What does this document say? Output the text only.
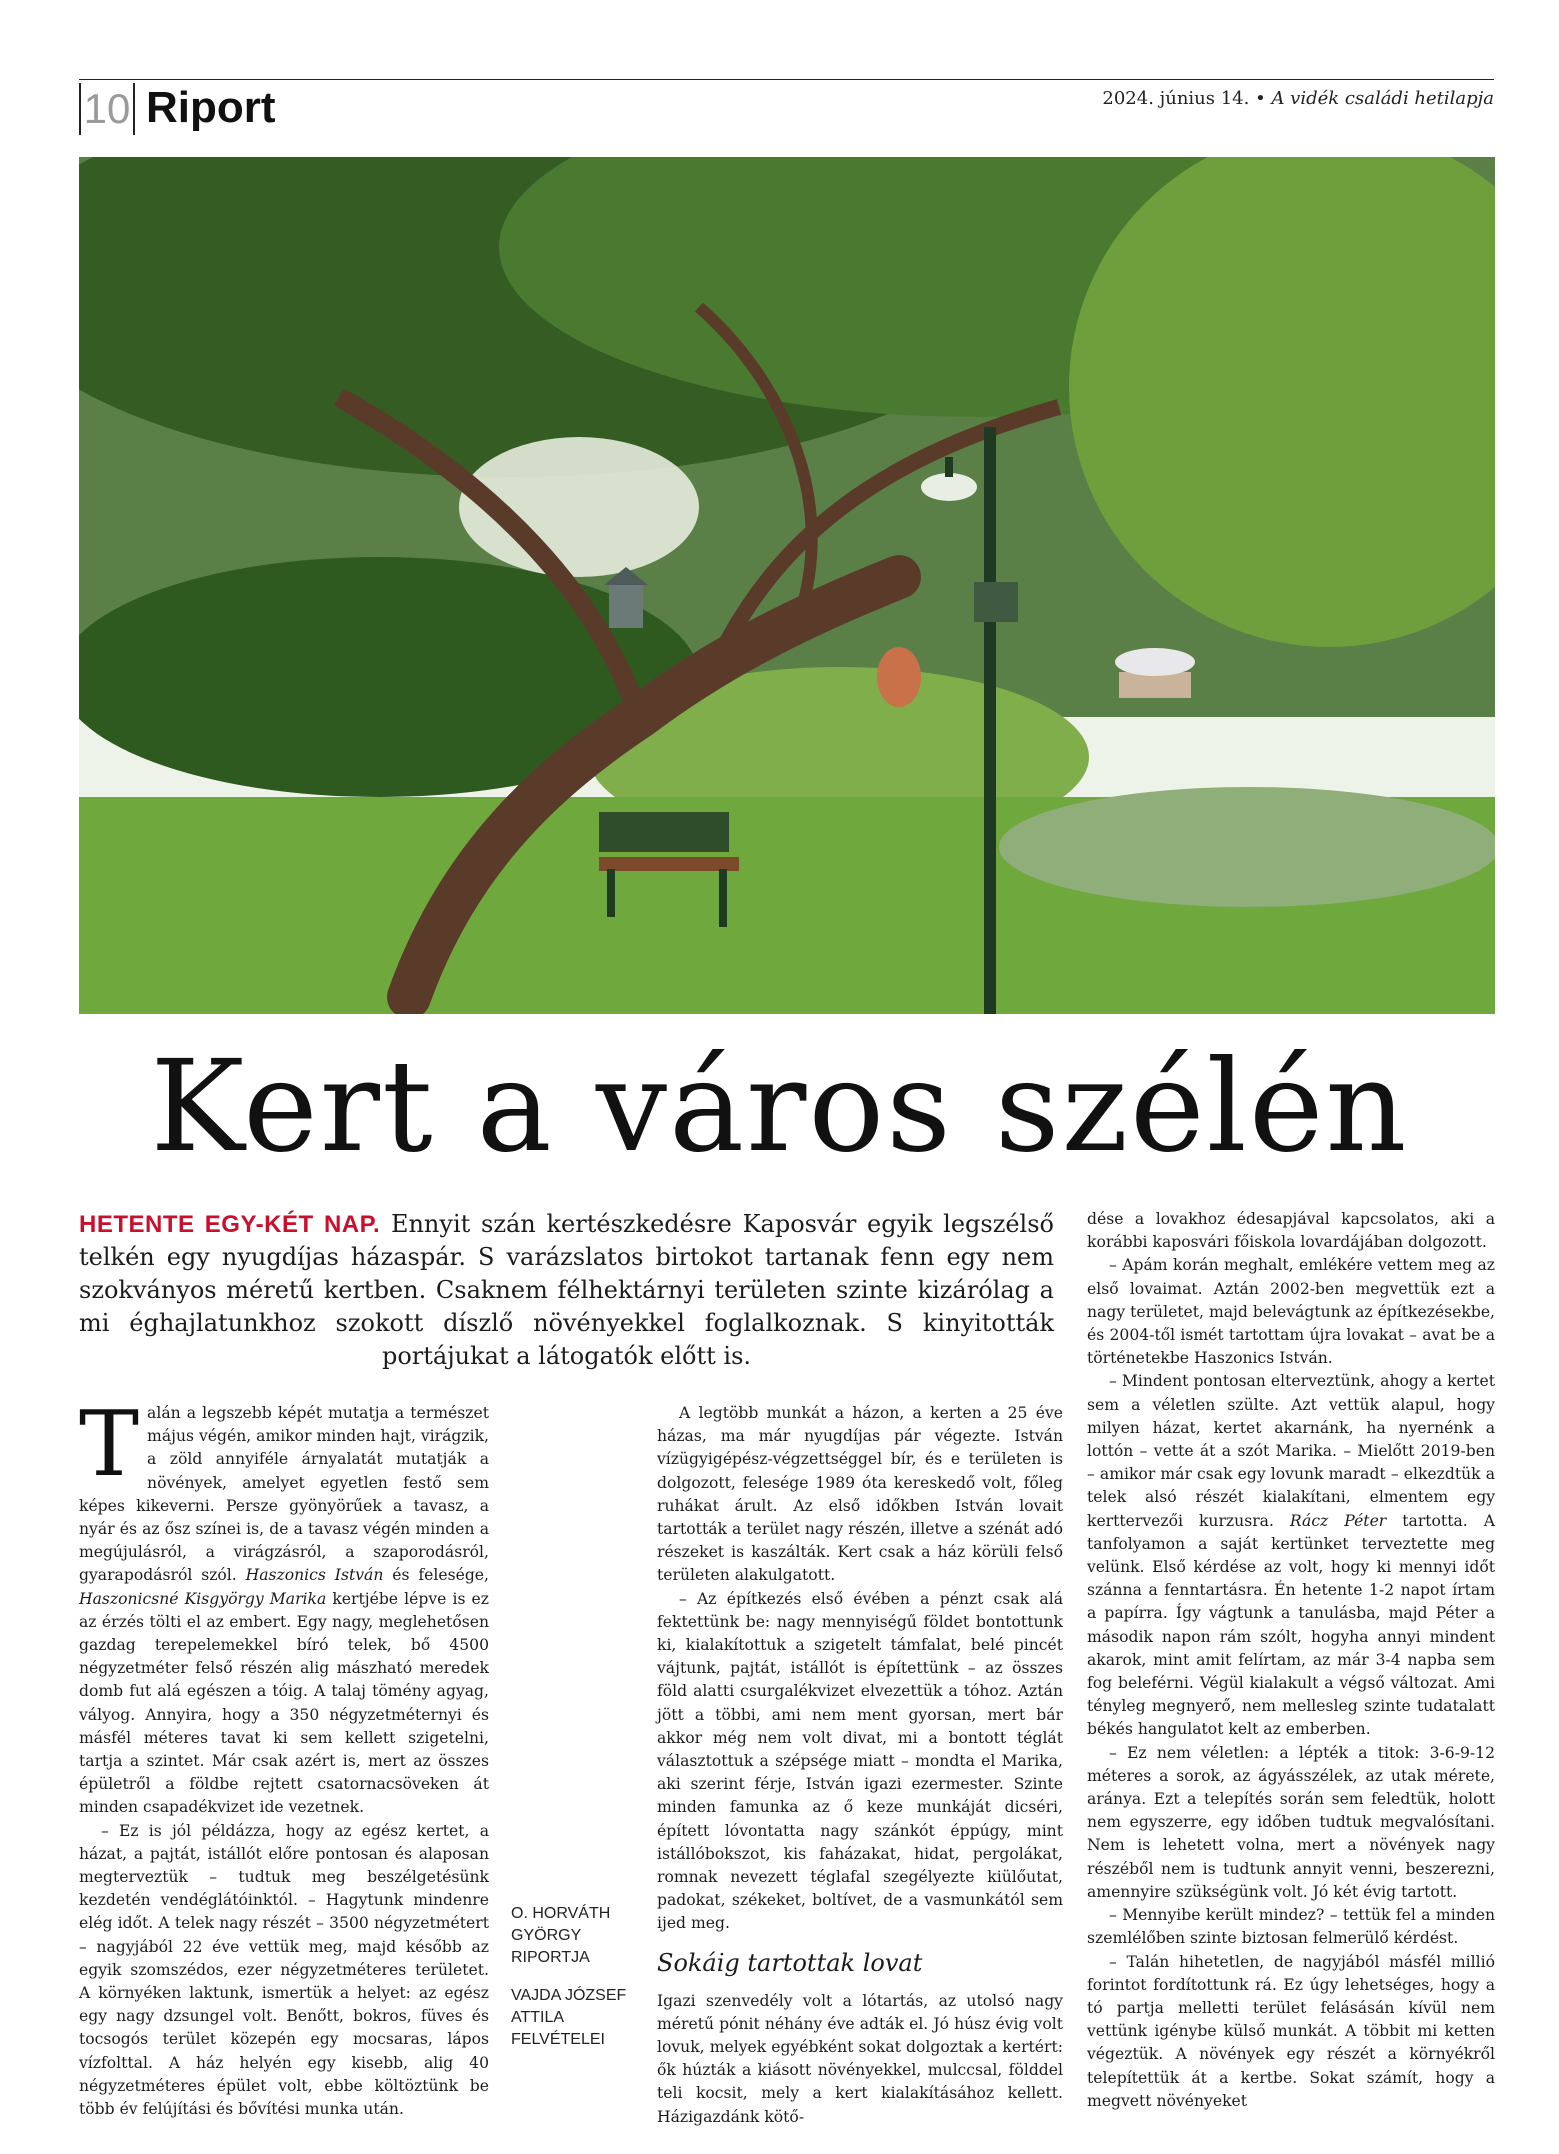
10 Riport	2024. június 14. • A vidék családi hetilapja
Kert a város szélén
HETENTE EGY-KÉT NAP. Ennyit szán kertészkedésre Kaposvár egyik legszélső telkén egy nyugdíjas házaspár. S varázslatos birtokot tartanak fenn egy nem szokványos méretű kertben. Csaknem félhektárnyi területen szinte kizárólag a mi éghajlatunkhoz szokott díszlő növényekkel foglalkoznak. S kinyitották portájukat a látogatók előtt is.

Talán a legszebb képét mutatja a természet május végén, amikor minden hajt, virágzik, a zöld annyiféle árnyalatát mutatják a növények, amelyet egyetlen festő sem képes kikeverni. Persze gyönyörűek a tavasz, a nyár és az ősz színei is, de a tavasz végén minden a megújulásról, a virágzásról, a szaporodásról, gyarapodásról szól. Haszonics István és felesége, Haszonicsné Kisgyörgy Marika kertjébe lépve is ez az érzés tölti el az embert. Egy nagy, meglehetősen gazdag terepelemekkel bíró telek, bő 4500 négyzetméter felső részén alig mászható meredek domb fut alá egészen a tóig. A talaj tömény agyag, vályog. Annyira, hogy a 350 négyzetméternyi és másfél méteres tavat ki sem kellett szigetelni, tartja a szintet. Már csak azért is, mert az összes épületről a földbe rejtett csatornacsöveken át minden csapadékvizet ide vezetnek.

– Ez is jól példázza, hogy az egész kertet, a házat, a pajtát, istállót előre pontosan és alaposan megterveztük – tudtuk meg beszélgetésünk kezdetén vendéglátóinktól. – Hagytunk mindenre elég időt. A telek nagy részét – 3500 négyzetmétert – nagyjából 22 éve vettük meg, majd később az egyik szomszédos, ezer négyzetméteres területet. A környéken laktunk, ismertük a helyet: az egész egy nagy dzsungel volt. Benőtt, bokros, füves és tocsogós terület közepén egy mocsaras, lápos vízfolttal. A ház helyén egy kisebb, alig 40 négyzetméteres épület volt, ebbe költöztünk be több év felújítási és bővítési munka után.

O. HORVÁTH
GYÖRGY
RIPORTJA
VAJDA JÓZSEF
ATTILA
FELVÉTELEI

A legtöbb munkát a házon, a kerten a 25 éve házas, ma már nyugdíjas pár végezte. István vízügyigépész-végzettséggel bír, és e területen is dolgozott, felesége 1989 óta kereskedő volt, főleg ruhákat árult. Az első időkben István lovait tartották a terület nagy részén, illetve a szénát adó részeket is kaszálták. Kert csak a ház körüli felső területen alakulgatott.

– Az építkezés első évében a pénzt csak alá fektettünk be: nagy mennyiségű földet bontottunk ki, kialakítottuk a szigetelt támfalat, belé pincét vájtunk, pajtát, istállót is építettünk – az összes föld alatti csurgalékvizet elvezettük a tóhoz. Aztán jött a többi, ami nem ment gyorsan, mert bár akkor még nem volt divat, mi a bontott téglát választottuk a szépsége miatt – mondta el Marika, aki szerint férje, István igazi ezermester. Szinte minden famunka az ő keze munkáját dicséri, épített lóvontatta nagy szánkót éppúgy, mint istállóbokszot, kis faházakat, hidat, pergolákat, romnak nevezett téglafal szegélyezte kiülőutat, padokat, székeket, boltívet, de a vasmunkától sem ijed meg.

Sokáig tartottak lovat

Igazi szenvedély volt a lótartás, az utolsó nagy méretű pónit néhány éve adták el. Jó húsz évig volt lovuk, melyek egyébként sokat dolgoztak a kertért: ők húzták a kiásott növényekkel, mulccsal, földdel teli kocsit, mely a kert kialakításához kellett. Házigazdánk kötő-

dése a lovakhoz édesapjával kapcsolatos, aki a korábbi kaposvári főiskola lovardájában dolgozott.

– Apám korán meghalt, emlékére vettem meg az első lovaimat. Aztán 2002-ben megvettük ezt a nagy területet, majd belevágtunk az építkezésekbe, és 2004-től ismét tartottam újra lovakat – avat be a történetekbe Haszonics István.

– Mindent pontosan elterveztünk, ahogy a kertet sem a véletlen szülte. Azt vettük alapul, hogy milyen házat, kertet akarnánk, ha nyernénk a lottón – vette át a szót Marika. – Mielőtt 2019-ben – amikor már csak egy lovunk maradt – elkezdtük a telek alsó részét kialakítani, elmentem egy kerttervezői kurzusra. Rácz Péter tartotta. A tanfolyamon a saját kertünket terveztette meg velünk. Első kérdése az volt, hogy ki mennyi időt szánna a fenntartásra. Én hetente 1-2 napot írtam a papírra. Így vágtunk a tanulásba, majd Péter a második napon rám szólt, hogyha annyi mindent akarok, mint amit felírtam, az már 3-4 napba sem fog beleférni. Végül kialakult a végső változat. Ami tényleg megnyerő, nem mellesleg szinte tudatalatt békés hangulatot kelt az emberben.

– Ez nem véletlen: a lépték a titok: 3-6-9-12 méteres a sorok, az ágyásszélek, az utak mérete, aránya. Ezt a telepítés során sem feledtük, holott nem egyszerre, egy időben tudtuk megvalósítani. Nem is lehetett volna, mert a növények nagy részéből nem is tudtunk annyit venni, beszerezni, amennyire szükségünk volt. Jó két évig tartott.

– Mennyibe került mindez? – tettük fel a minden szemlélőben szinte biztosan felmerülő kérdést.

– Talán hihetetlen, de nagyjából másfél millió forintot fordítottunk rá. Ez úgy lehetséges, hogy a tó partja melletti terület felásásán kívül nem vettünk igénybe külső munkát. A többit mi ketten végeztük. A növények egy részét a környékről telepítettük át a kertbe. Sokat számít, hogy a megvett növényeket
